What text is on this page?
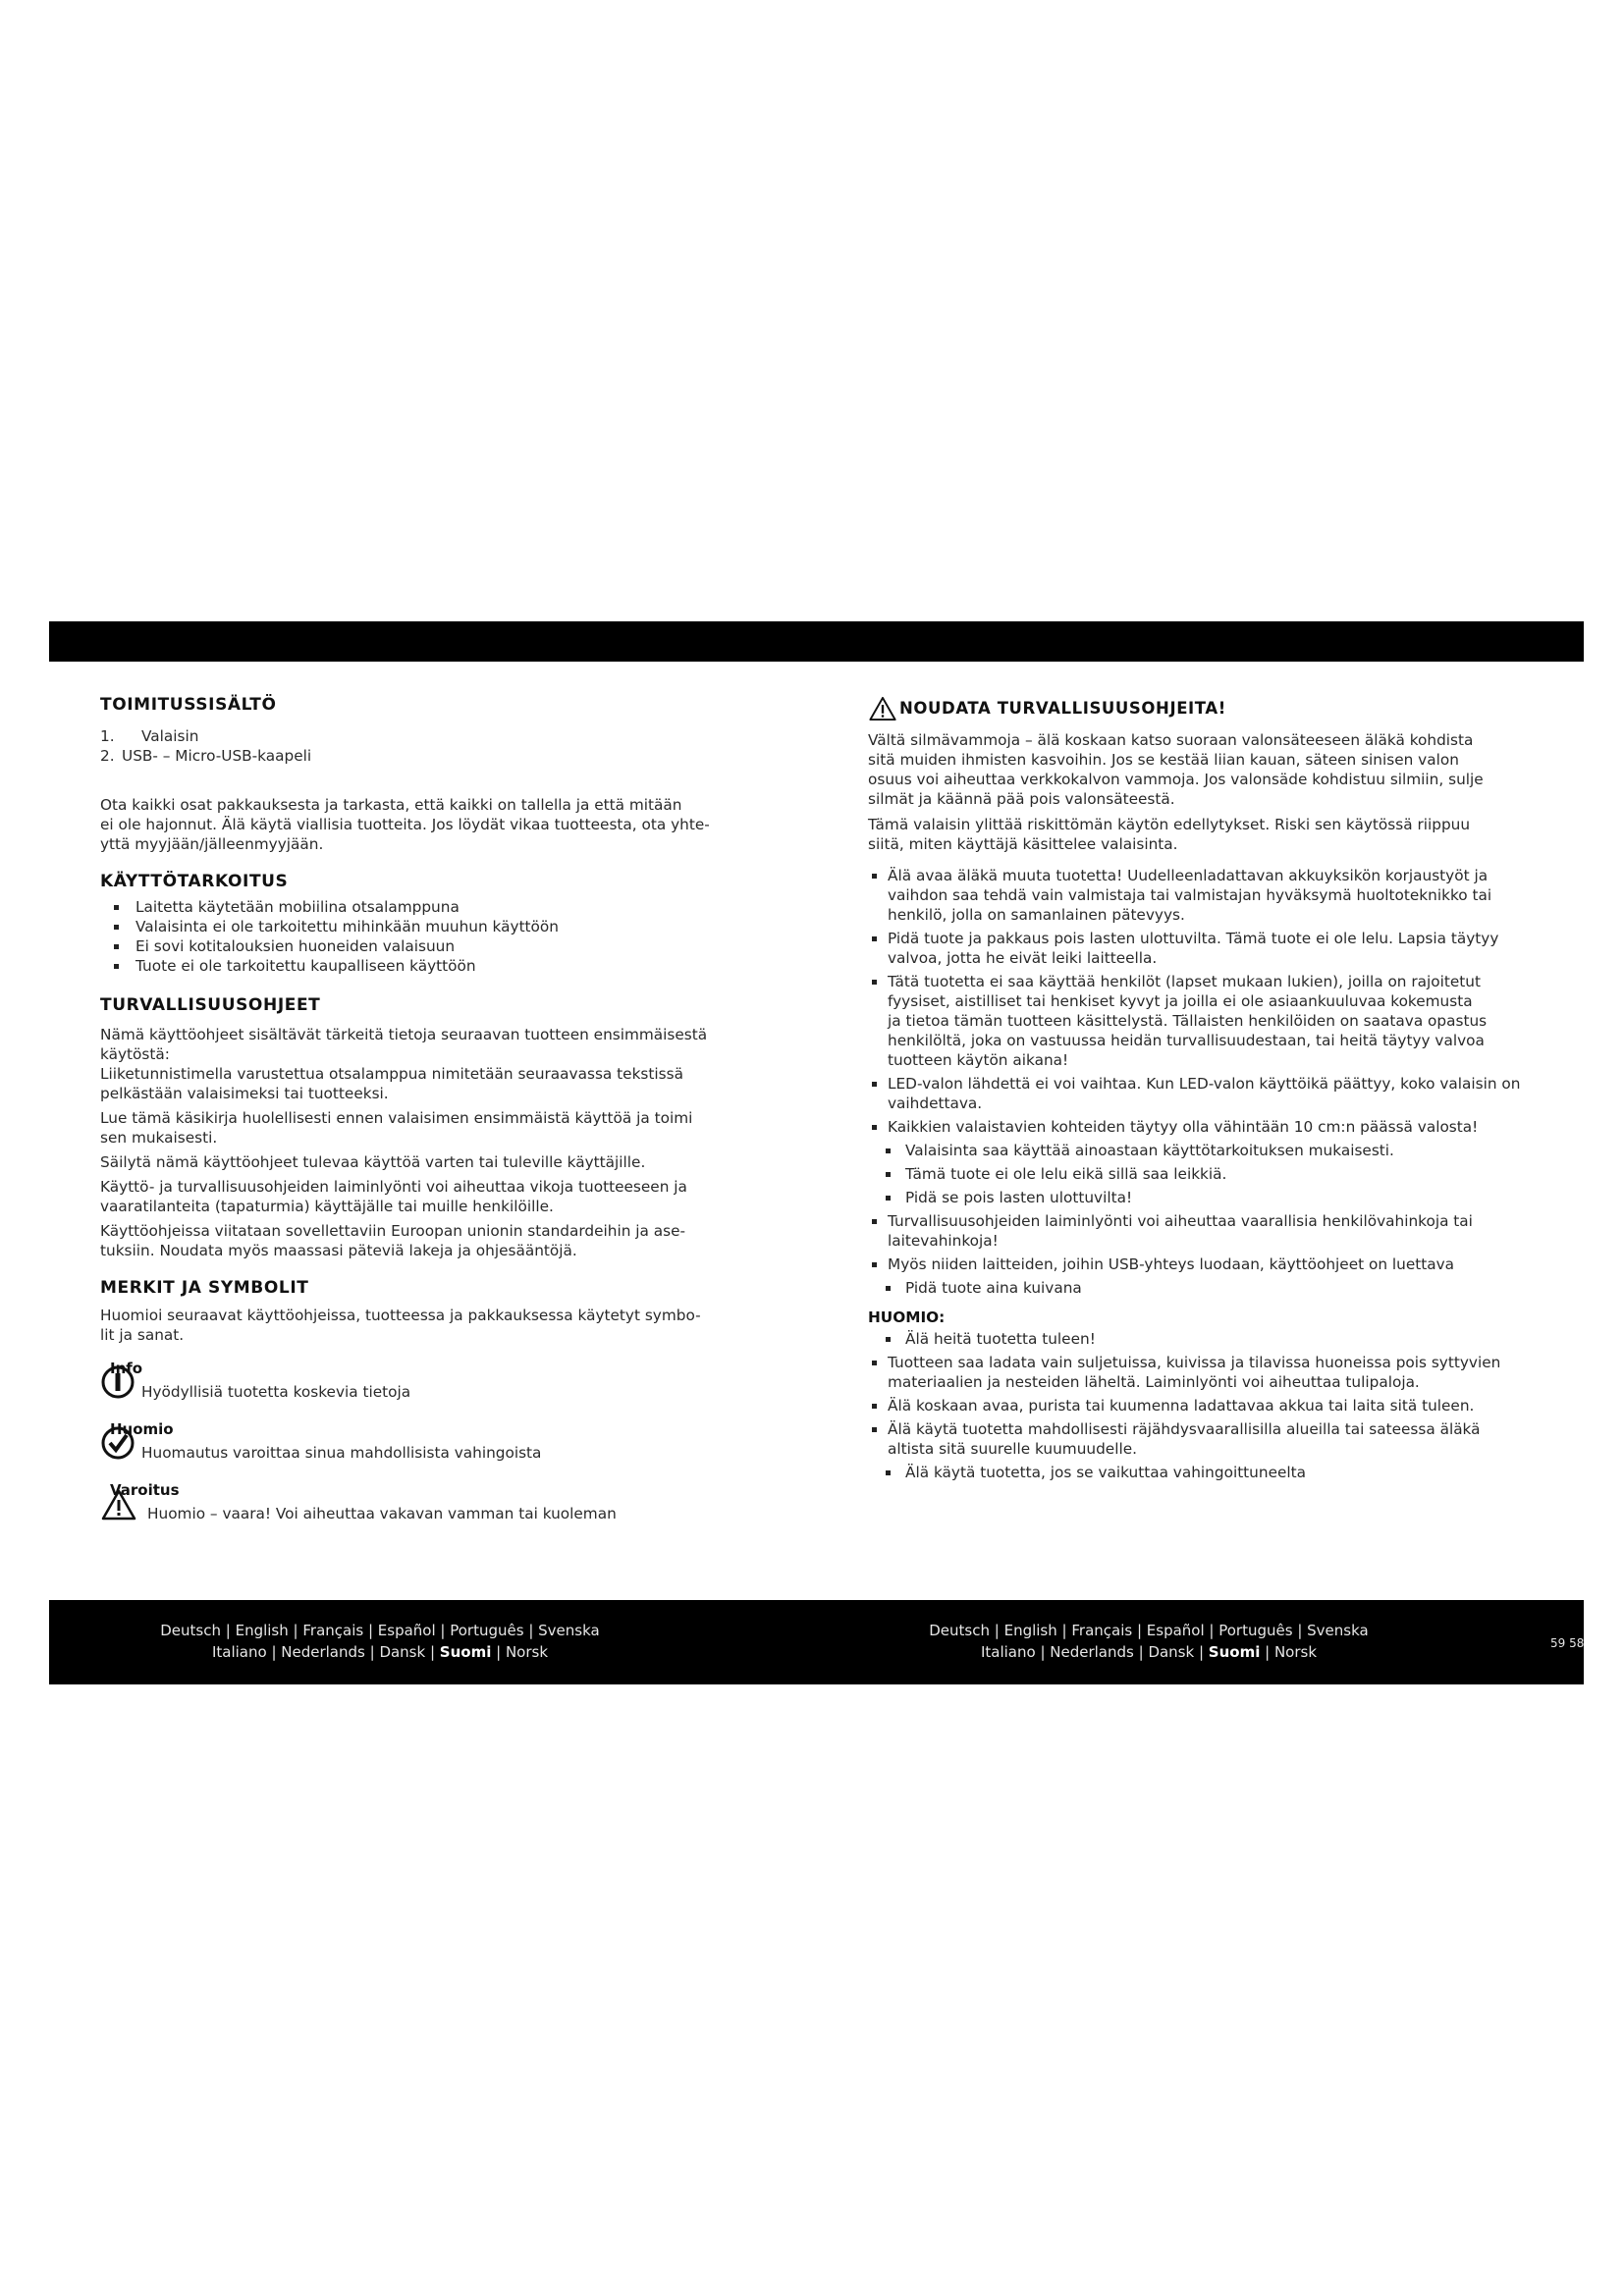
TOIMITUSSISÄLTÖ
1.	Valaisin
2. USB- – Micro-USB-kaapeli
Ota kaikki osat pakkauksesta ja tarkasta, että kaikki on tallella ja että mitään
ei ole hajonnut. Älä käytä viallisia tuotteita. Jos löydät vikaa tuotteesta, ota yhte-
yttä myyjään/jälleenmyyjään.
KÄYTTÖTARKOITUS
Laitetta käytetään mobiilina otsalamppuna
Valaisinta ei ole tarkoitettu mihinkään muuhun käyttöön
Ei sovi kotitalouksien huoneiden valaisuun
Tuote ei ole tarkoitettu kaupalliseen käyttöön
TURVALLISUUSOHJEET
Nämä käyttöohjeet sisältävät tärkeitä tietoja seuraavan tuotteen ensimmäisestä käytöstä:
Liiketunnistimella varustettua otsalamppua nimitetään seuraavassa tekstissä
pelkästään valaisimeksi tai tuotteeksi.
Lue tämä käsikirja huolellisesti ennen valaisimen ensimmäistä käyttöä ja toimi
sen mukaisesti.
Säilytä nämä käyttöohjeet tulevaa käyttöä varten tai tuleville käyttäjille.
Käyttö- ja turvallisuusohjeiden laiminlyönti voi aiheuttaa vikoja tuotteeseen ja
vaaratilanteita (tapaturmia) käyttäjälle tai muille henkilöille.
Käyttöohjeissa viitataan sovellettaviin Euroopan unionin standardeihin ja ase-
tuksiin. Noudata myös maassasi päteviä lakeja ja ohjesääntöjä.
MERKIT JA SYMBOLIT
Huomioi seuraavat käyttöohjeissa, tuotteessa ja pakkauksessa käytetyt symbo-
lit ja sanat.
Info
Hyödyllisiä tuotetta koskevia tietoja
Huomio
Huomautus varoittaa sinua mahdollisista vahingoista
Varoitus
Huomio – vaara! Voi aiheuttaa vakavan vamman tai kuoleman
NOUDATA TURVALLISUUSOHJEITA!
Vältä silmävammoja – älä koskaan katso suoraan valonsäteeseen äläkä kohdista
sitä muiden ihmisten kasvoihin. Jos se kestää liian kauan, säteen sinisen valon
osuus voi aiheuttaa verkkokalvon vammoja. Jos valonsäde kohdistuu silmiin, sulje
silmät ja käännä pää pois valonsäteestä.
Tämä valaisin ylittää riskittömän käytön edellytykset. Riski sen käytössä riippuu
siitä, miten käyttäjä käsittelee valaisinta.
Älä avaa äläkä muuta tuotetta! Uudelleenladattavan akkuyksikön korjaustyöt ja
vaihdon saa tehdä vain valmistaja tai valmistajan hyväksymä huoltoteknikko tai
henkilö, jolla on samanlainen pätevyys.
Pidä tuote ja pakkaus pois lasten ulottuvilta. Tämä tuote ei ole lelu. Lapsia täytyy
valvoa, jotta he eivät leiki laitteella.
Tätä tuotetta ei saa käyttää henkilöt (lapset mukaan lukien), joilla on rajoitetut
fyysiset, aistilliset tai henkiset kyvyt ja joilla ei ole asiaankuuluvaa kokemusta
ja tietoa tämän tuotteen käsittelystä. Tällaisten henkilöiden on saatava opastus
henkilöltä, joka on vastuussa heidän turvallisuudestaan, tai heitä täytyy valvoa
tuotteen käytön aikana!
LED-valon lähdettä ei voi vaihtaa. Kun LED-valon käyttöikä päättyy, koko valaisin on
vaihdettava.
Kaikkien valaistavien kohteiden täytyy olla vähintään 10 cm:n päässä valosta!
Valaisinta saa käyttää ainoastaan käyttötarkoituksen mukaisesti.
Tämä tuote ei ole lelu eikä sillä saa leikkiä.
Pidä se pois lasten ulottuvilta!
Turvallisuusohjeiden laiminlyönti voi aiheuttaa vaarallisia henkilövahinkoja tai
laitevahinkoja!
Myös niiden laitteiden, joihin USB-yhteys luodaan, käyttöohjeet on luettava
Pidä tuote aina kuivana
HUOMIO:
Älä heitä tuotetta tuleen!
Tuotteen saa ladata vain suljetuissa, kuivissa ja tilavissa huoneissa pois syttyvien
materiaalien ja nesteiden läheltä. Laiminlyönti voi aiheuttaa tulipaloja.
Älä koskaan avaa, purista tai kuumenna ladattavaa akkua tai laita sitä tuleen.
Älä käytä tuotetta mahdollisesti räjähdysvaarallisilla alueilla tai sateessa äläkä
altista sitä suurelle kuumuudelle.
Älä käytä tuotetta, jos se vaikuttaa vahingoittuneelta
Deutsch | English | Français | Español | Português | Svenska
Italiano | Nederlands | Dansk | Suomi | Norsk
Deutsch | English | Français | Español | Português | Svenska
Italiano | Nederlands | Dansk | Suomi | Norsk	59 58
